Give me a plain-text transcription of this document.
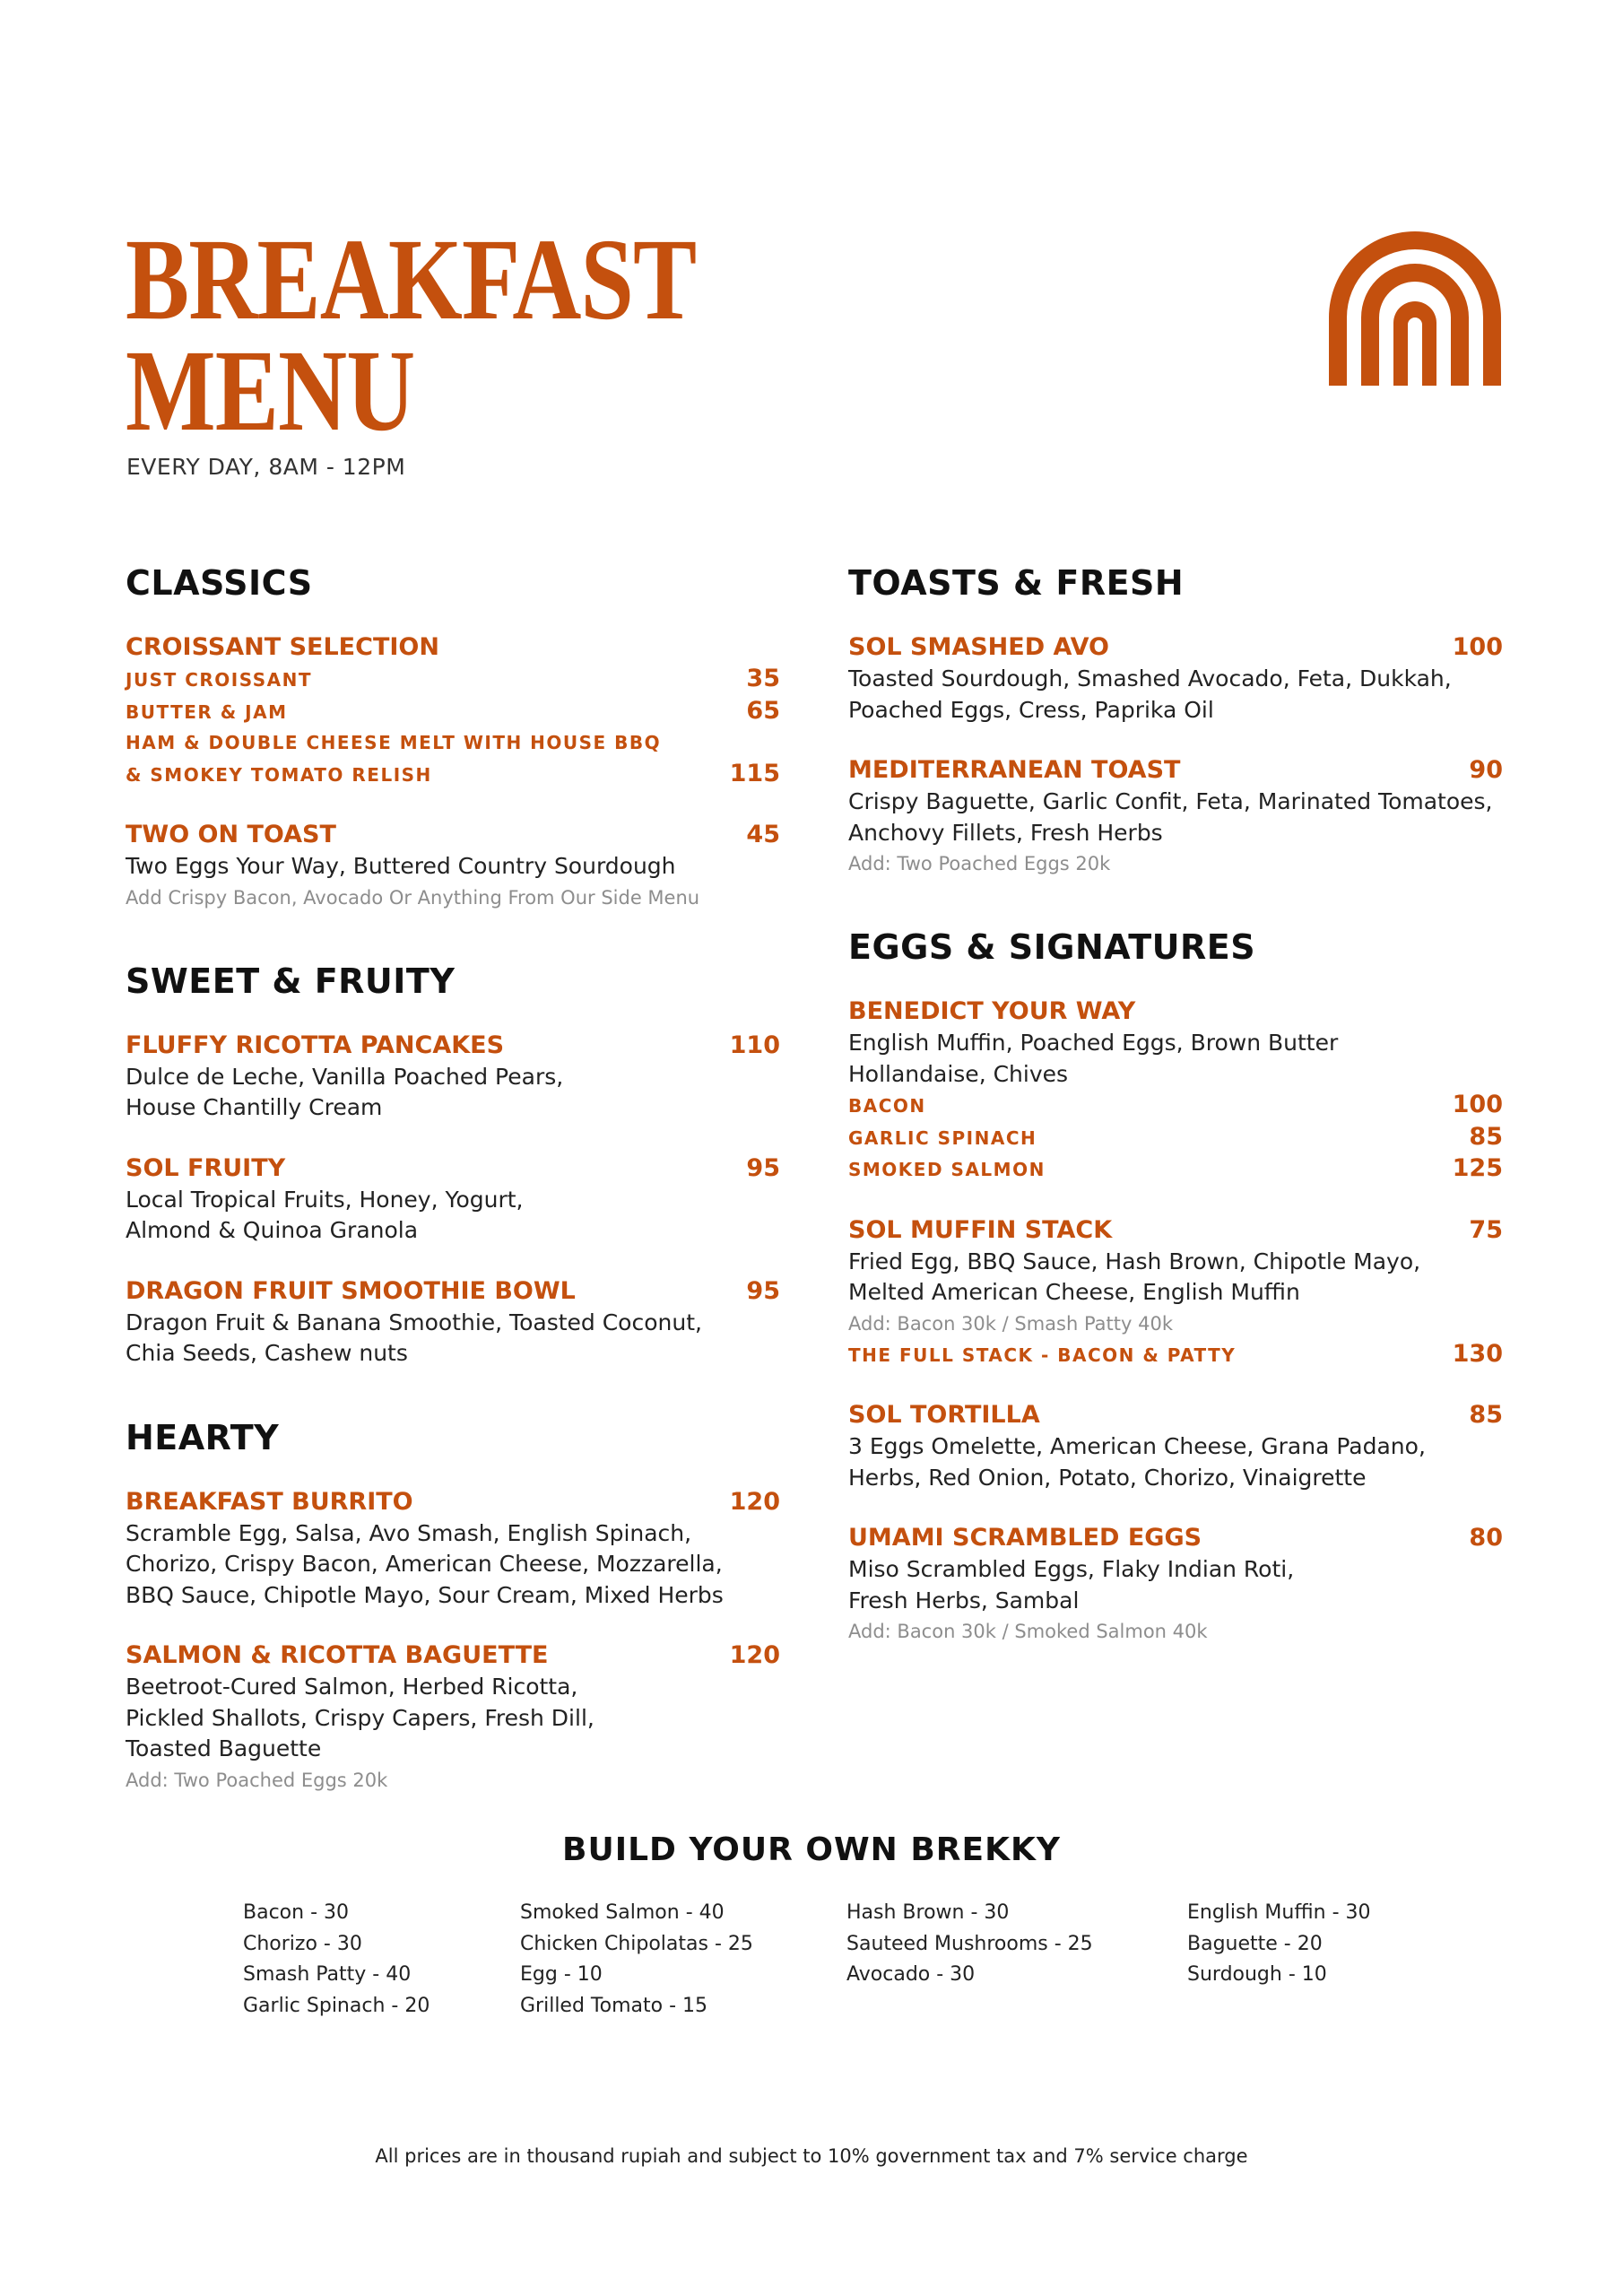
BREAKFAST
MENU
EVERY DAY, 8AM - 12PM
CLASSICS
CROISSANT SELECTION
JUST CROISSANT	35
BUTTER & JAM	65
HAM & DOUBLE CHEESE MELT WITH HOUSE BBQ
& SMOKEY TOMATO RELISH	115
TWO ON TOAST	45
Two Eggs Your Way, Buttered Country Sourdough
Add Crispy Bacon, Avocado Or Anything From Our Side Menu
SWEET & FRUITY
FLUFFY RICOTTA PANCAKES	110
Dulce de Leche, Vanilla Poached Pears,
House Chantilly Cream
SOL FRUITY	95
Local Tropical Fruits, Honey, Yogurt,
Almond & Quinoa Granola
DRAGON FRUIT SMOOTHIE BOWL	95
Dragon Fruit & Banana Smoothie, Toasted Coconut,
Chia Seeds, Cashew nuts
HEARTY
BREAKFAST BURRITO	120
Scramble Egg, Salsa, Avo Smash, English Spinach,
Chorizo, Crispy Bacon, American Cheese, Mozzarella,
BBQ Sauce, Chipotle Mayo, Sour Cream, Mixed Herbs
SALMON & RICOTTA BAGUETTE	120
Beetroot-Cured Salmon, Herbed Ricotta,
Pickled Shallots, Crispy Capers, Fresh Dill,
Toasted Baguette
Add: Two Poached Eggs 20k
TOASTS & FRESH
SOL SMASHED AVO	100
Toasted Sourdough, Smashed Avocado, Feta, Dukkah,
Poached Eggs, Cress, Paprika Oil
MEDITERRANEAN TOAST	90
Crispy Baguette, Garlic Confit, Feta, Marinated Tomatoes,
Anchovy Fillets, Fresh Herbs
Add: Two Poached Eggs 20k
EGGS & SIGNATURES
BENEDICT YOUR WAY
English Muffin, Poached Eggs, Brown Butter
Hollandaise, Chives
BACON	100
GARLIC SPINACH	85
SMOKED SALMON	125
SOL MUFFIN STACK	75
Fried Egg, BBQ Sauce, Hash Brown, Chipotle Mayo,
Melted American Cheese, English Muffin
Add: Bacon 30k / Smash Patty 40k
THE FULL STACK - BACON & PATTY	130
SOL TORTILLA	85
3 Eggs Omelette, American Cheese, Grana Padano,
Herbs, Red Onion, Potato, Chorizo, Vinaigrette
UMAMI SCRAMBLED EGGS	80
Miso Scrambled Eggs, Flaky Indian Roti,
Fresh Herbs, Sambal
Add: Bacon 30k / Smoked Salmon 40k
BUILD YOUR OWN BREKKY
Bacon - 30
Chorizo - 30
Smash Patty - 40
Garlic Spinach - 20
Smoked Salmon - 40
Chicken Chipolatas - 25
Egg - 10
Grilled Tomato - 15
Hash Brown - 30
Sauteed Mushrooms - 25
Avocado - 30
English Muffin - 30
Baguette - 20
Surdough - 10
All prices are in thousand rupiah and subject to 10% government tax and 7% service charge
